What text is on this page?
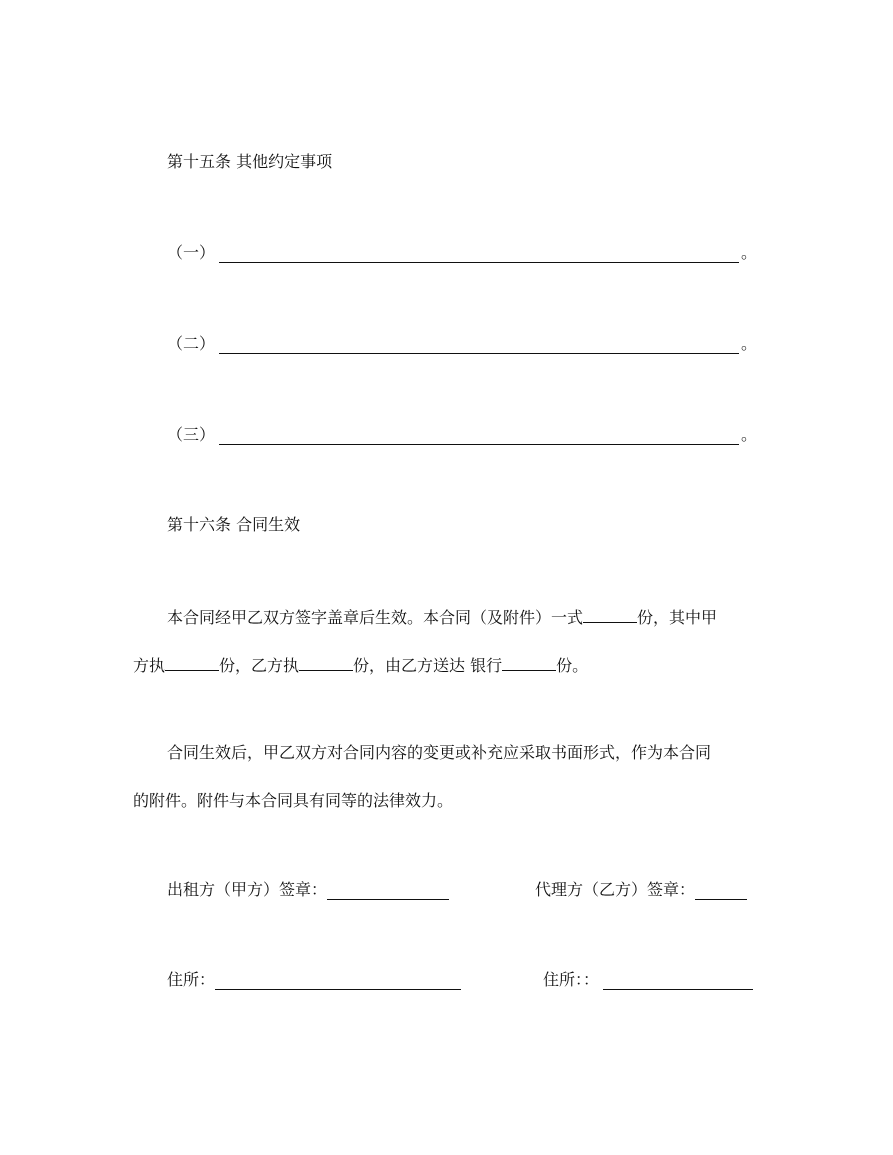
第十五条 其他约定事项
（一）	。
（二）	。
（三）	。
第十六条 合同生效
本合同经甲乙双方签字盖章后生效。本合同（及附件）一式	份，其中甲
方执	份，乙方执	份，由乙方送达 银行	份。
合同生效后，甲乙双方对合同内容的变更或补充应采取书面形式，作为本合同
的附件。附件与本合同具有同等的法律效力。
出租方（甲方）签章：	代理方（乙方）签章：
住所：	住所：：
